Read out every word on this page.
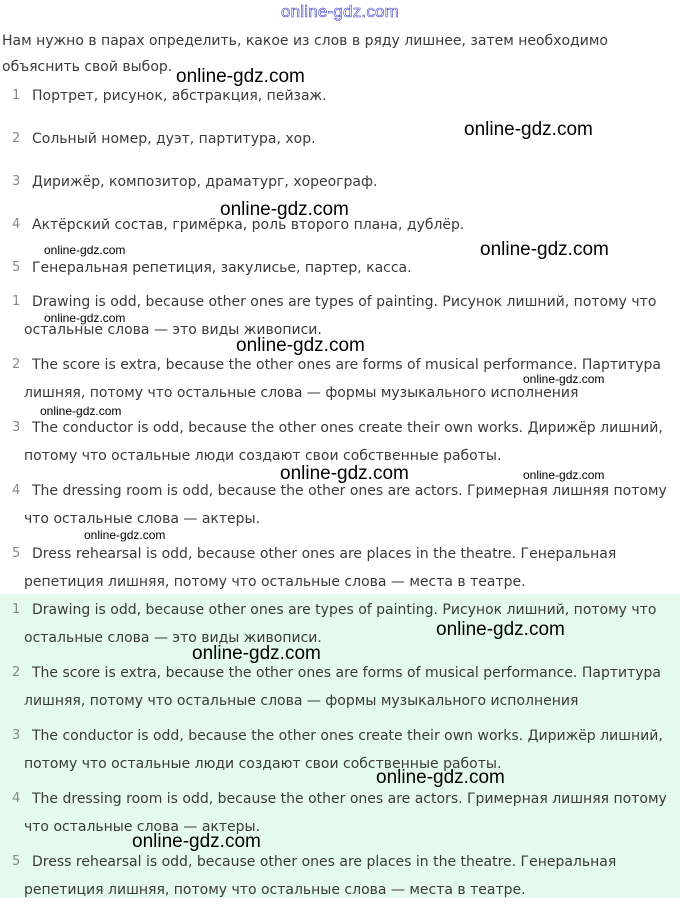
online-gdz.com

Нам нужно в парах определить, какое из слов в ряду лишнее, затем необходимо объяснить свой выбор.

1 Портрет, рисунок, абстракция, пейзаж.
2 Сольный номер, дуэт, партитура, хор.
3 Дирижёр, композитор, драматург, хореограф.
4 Актёрский состав, гримёрка, роль второго плана, дублёр.
5 Генеральная репетиция, закулисье, партер, касса.
1 Drawing is odd, because other ones are types of painting. Рисунок лишний, потому что остальные слова — это виды живописи.
2 The score is extra, because the other ones are forms of musical performance. Партитура лишняя, потому что остальные слова — формы музыкального исполнения
3 The conductor is odd, because the other ones create their own works. Дирижёр лишний, потому что остальные люди создают свои собственные работы.
4 The dressing room is odd, because the other ones are actors. Гримерная лишняя потому что остальные слова — актеры.
5 Dress rehearsal is odd, because other ones are places in the theatre. Генеральная репетиция лишняя, потому что остальные слова — места в театре.
1 Drawing is odd, because other ones are types of painting. Рисунок лишний, потому что остальные слова — это виды живописи.
2 The score is extra, because the other ones are forms of musical performance. Партитура лишняя, потому что остальные слова — формы музыкального исполнения
3 The conductor is odd, because the other ones create their own works. Дирижёр лишний, потому что остальные люди создают свои собственные работы.
4 The dressing room is odd, because the other ones are actors. Гримерная лишняя потому что остальные слова — актеры.
5 Dress rehearsal is odd, because other ones are places in the theatre. Генеральная репетиция лишняя, потому что остальные слова — места в театре.
online-gdz.com
online-gdz.com
online-gdz.com
online-gdz.com
online-gdz.com
online-gdz.com
online-gdz.com
online-gdz.com
online-gdz.com
online-gdz.com	online-gdz.com
online-gdz.com
online-gdz.com
online-gdz.com
online-gdz.com
online-gdz.com
